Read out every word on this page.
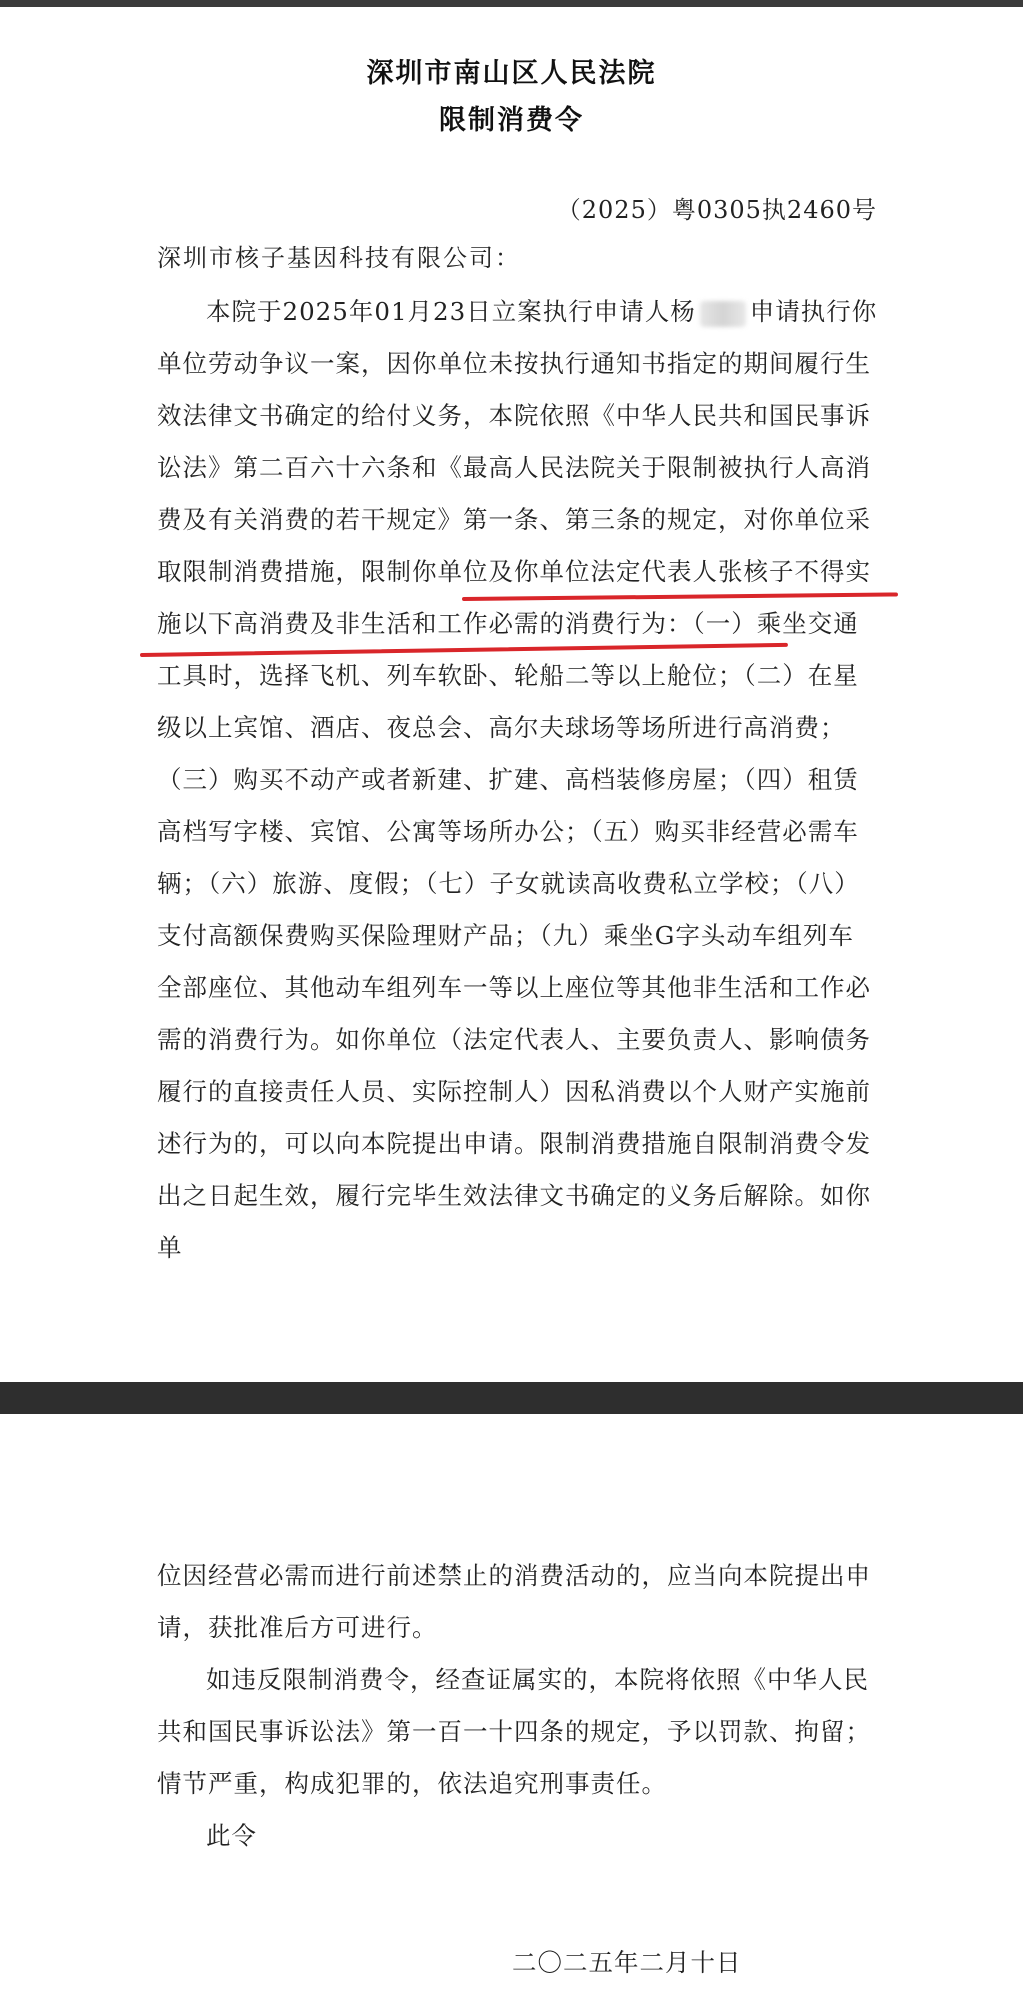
深圳市南山区人民法院
限制消费令
（2025）粤0305执2460号
深圳市核子基因科技有限公司：

本院于2025年01月23日立案执行申请人杨 申请执行你单位劳动争议一案，因你单位未按执行通知书指定的期间履行生效法律文书确定的给付义务，本院依照《中华人民共和国民事诉讼法》第二百六十六条和《最高人民法院关于限制被执行人高消费及有关消费的若干规定》第一条、第三条的规定，对你单位采取限制消费措施，限制你单位及你单位法定代表人张核子不得实施以下高消费及非生活和工作必需的消费行为：（一）乘坐交通工具时，选择飞机、列车软卧、轮船二等以上舱位；（二）在星级以上宾馆、酒店、夜总会、高尔夫球场等场所进行高消费；（三）购买不动产或者新建、扩建、高档装修房屋；（四）租赁高档写字楼、宾馆、公寓等场所办公；（五）购买非经营必需车辆；（六）旅游、度假；（七）子女就读高收费私立学校；（八）支付高额保费购买保险理财产品；（九）乘坐G字头动车组列车全部座位、其他动车组列车一等以上座位等其他非生活和工作必需的消费行为。如你单位（法定代表人、主要负责人、影响债务履行的直接责任人员、实际控制人）因私消费以个人财产实施前述行为的，可以向本院提出申请。限制消费措施自限制消费令发出之日起生效，履行完毕生效法律文书确定的义务后解除。如你单

位因经营必需而进行前述禁止的消费活动的，应当向本院提出申请，获批准后方可进行。

如违反限制消费令，经查证属实的，本院将依照《中华人民共和国民事诉讼法》第一百一十四条的规定，予以罚款、拘留；情节严重，构成犯罪的，依法追究刑事责任。

此令

二〇二五年二月十日
